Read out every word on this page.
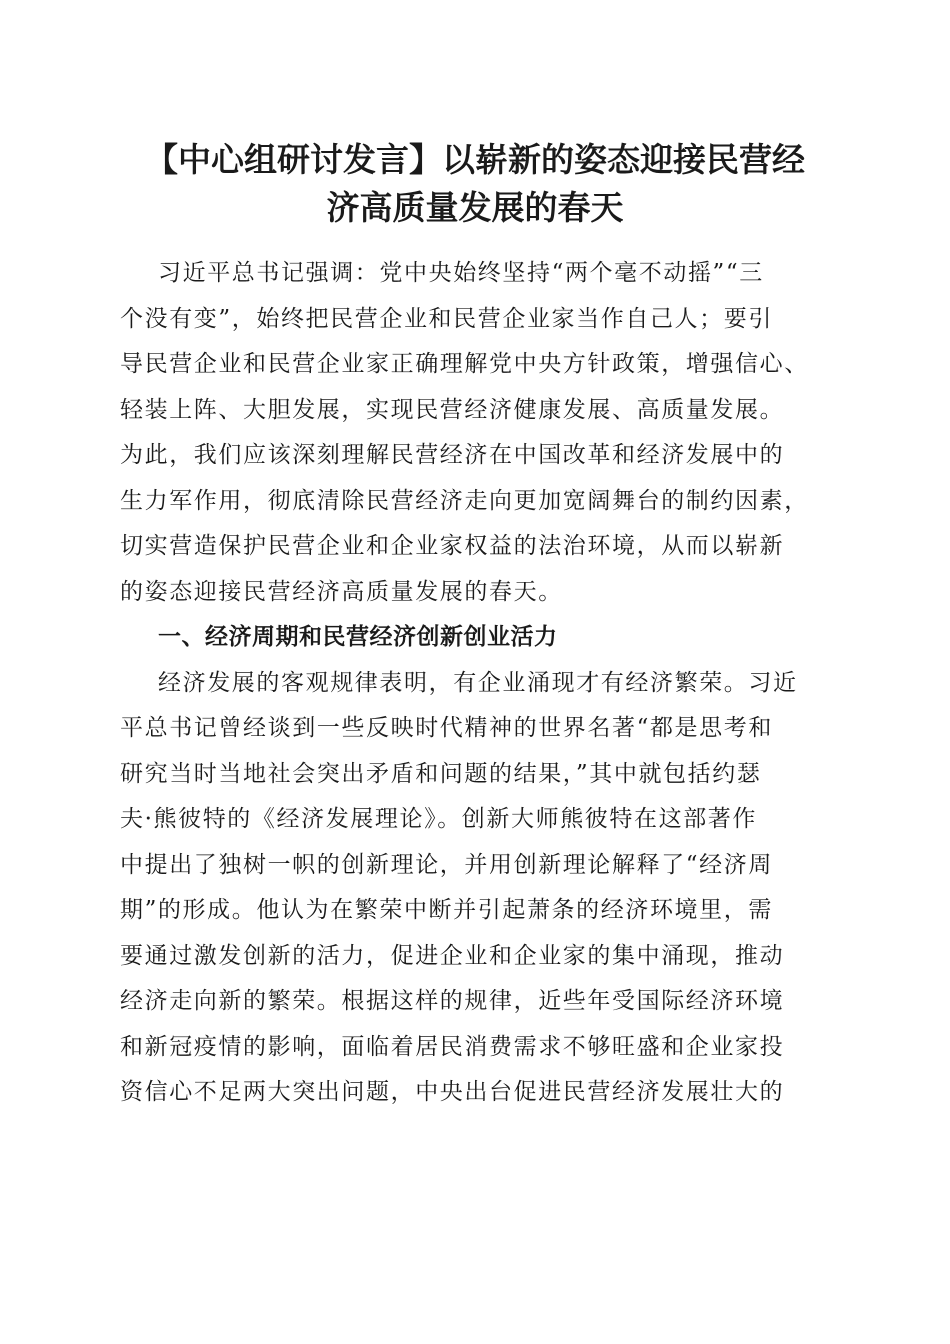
【中心组研讨发言】以崭新的姿态迎接民营经
济高质量发展的春天
习近平总书记强调：党中央始终坚持“两个毫不动摇”“三
个没有变”，始终把民营企业和民营企业家当作自己人；要引
导民营企业和民营企业家正确理解党中央方针政策，增强信心、
轻装上阵、大胆发展，实现民营经济健康发展、高质量发展。
为此，我们应该深刻理解民营经济在中国改革和经济发展中的
生力军作用，彻底清除民营经济走向更加宽阔舞台的制约因素，
切实营造保护民营企业和企业家权益的法治环境，从而以崭新
的姿态迎接民营经济高质量发展的春天。
一、经济周期和民营经济创新创业活力
经济发展的客观规律表明，有企业涌现才有经济繁荣。习近
平总书记曾经谈到一些反映时代精神的世界名著“都是思考和
研究当时当地社会突出矛盾和问题的结果，”其中就包括约瑟
夫·熊彼特的《经济发展理论》。创新大师熊彼特在这部著作
中提出了独树一帜的创新理论，并用创新理论解释了“经济周
期”的形成。他认为在繁荣中断并引起萧条的经济环境里，需
要通过激发创新的活力，促进企业和企业家的集中涌现，推动
经济走向新的繁荣。根据这样的规律，近些年受国际经济环境
和新冠疫情的影响，面临着居民消费需求不够旺盛和企业家投
资信心不足两大突出问题，中央出台促进民营经济发展壮大的
